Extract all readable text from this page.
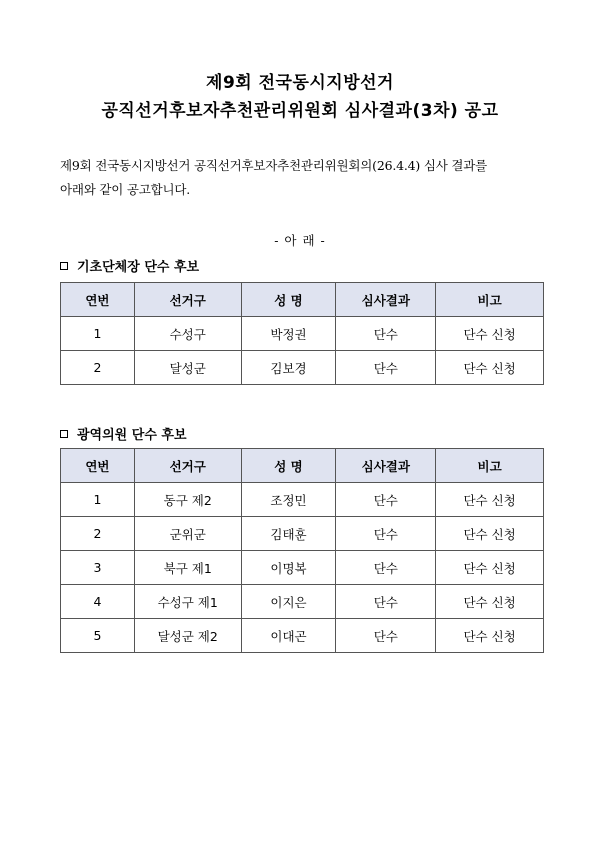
제9회 전국동시지방선거
공직선거후보자추천관리위원회 심사결과(3차) 공고
제9회 전국동시지방선거 공직선거후보자추천관리위원회의(26.4.4) 심사 결과를
아래와 같이 공고합니다.
- 아 래 -
기초단체장 단수 후보
연번	선거구	성 명	심사결과	비고
1	수성구	박정권	단수	단수 신청
2	달성군	김보경	단수	단수 신청
광역의원 단수 후보
연번	선거구	성 명	심사결과	비고
1	동구 제2	조정민	단수	단수 신청
2	군위군	김태훈	단수	단수 신청
3	북구 제1	이명복	단수	단수 신청
4	수성구 제1	이지은	단수	단수 신청
5	달성군 제2	이대곤	단수	단수 신청
